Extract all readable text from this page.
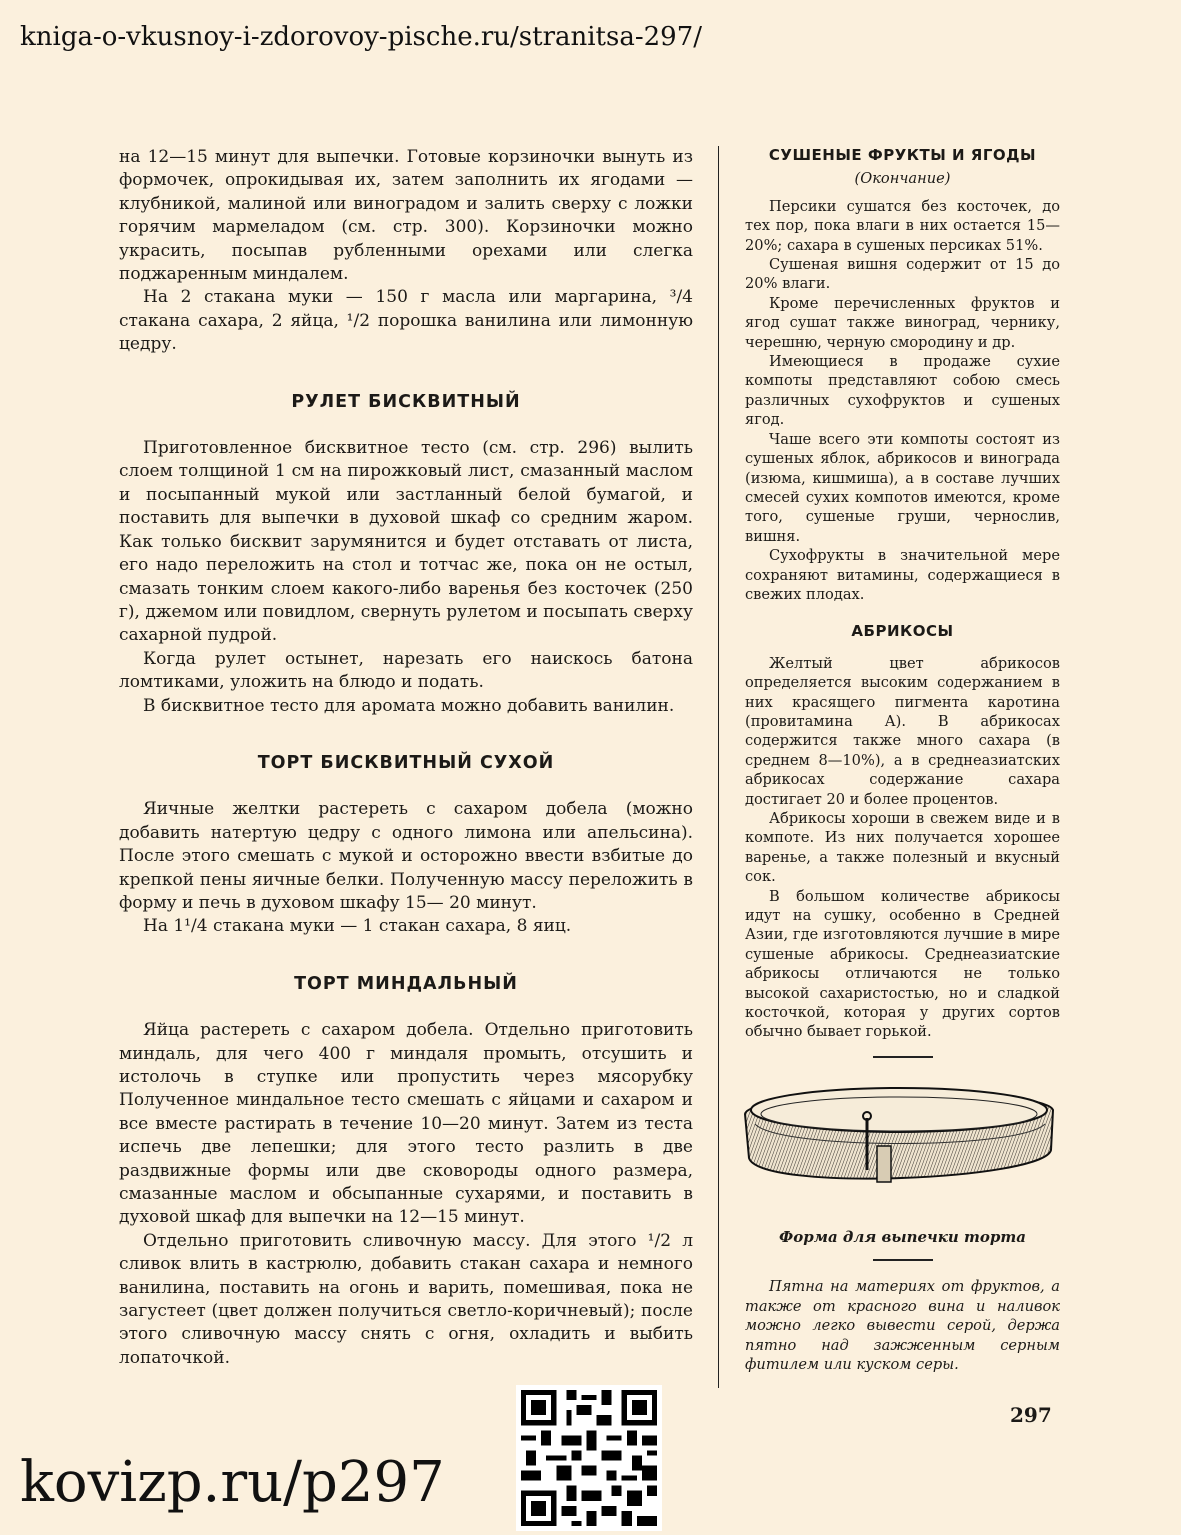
kniga-o-vkusnoy-i-zdorovoy-pische.ru/stranitsa-297/

на 12—15 минут для выпечки. Готовые корзиночки вынуть из формочек, опрокидывая их, затем заполнить их ягодами — клубникой, малиной или виноградом и залить сверху с ложки горячим мармеладом (см. стр. 300). Корзиночки можно украсить, посыпав рубленными орехами или слегка поджаренным миндалем.

На 2 стакана муки — 150 г масла или маргарина, ³/4 стакана сахара, 2 яйца, ¹/2 порошка ванилина или лимонную цедру.

РУЛЕТ БИСКВИТНЫЙ

Приготовленное бисквитное тесто (см. стр. 296) вылить слоем толщиной 1 см на пирожковый лист, смазанный маслом и посыпанный мукой или застланный белой бумагой, и поставить для выпечки в духовой шкаф со средним жаром. Как только бисквит зарумянится и будет отставать от листа, его надо переложить на стол и тотчас же, пока он не остыл, смазать тонким слоем какого-либо варенья без косточек (250 г), джемом или повидлом, свернуть рулетом и посыпать сверху сахарной пудрой.

Когда рулет остынет, нарезать его наискось батона ломтиками, уложить на блюдо и подать.

В бисквитное тесто для аромата можно добавить ванилин.

ТОРТ БИСКВИТНЫЙ СУХОЙ

Яичные желтки растереть с сахаром добела (можно добавить натертую цедру с одного лимона или апельсина). После этого смешать с мукой и осторожно ввести взбитые до крепкой пены яичные белки. Полученную массу переложить в форму и печь в духовом шкафу 15— 20 минут.

На 1¹/4 стакана муки — 1 стакан сахара, 8 яиц.

ТОРТ МИНДАЛЬНЫЙ

Яйца растереть с сахаром добела. Отдельно приготовить миндаль, для чего 400 г миндаля промыть, отсушить и истолочь в ступке или пропустить через мясорубку Полученное миндальное тесто смешать с яйцами и сахаром и все вместе растирать в течение 10—20 минут. Затем из теста испечь две лепешки; для этого тесто разлить в две раздвижные формы или две сковороды одного размера, смазанные маслом и обсыпанные сухарями, и поставить в духовой шкаф для выпечки на 12—15 минут.

Отдельно приготовить сливочную массу. Для этого ¹/2 л сливок влить в кастрюлю, добавить стакан сахара и немного ванилина, поставить на огонь и варить, помешивая, пока не загустеет (цвет должен получиться светло-коричневый); после этого сливочную массу снять с огня, охладить и выбить лопаточкой.

СУШЕНЫЕ ФРУКТЫ И ЯГОДЫ
(Окончание)

Персики сушатся без косточек, до тех пор, пока влаги в них остается 15—20%; сахара в сушеных персиках 51%.

Сушеная вишня содержит от 15 до 20% влаги.

Кроме перечисленных фруктов и ягод сушат также виноград, чернику, черешню, черную смородину и др.

Имеющиеся в продаже сухие компоты представляют собою смесь различных сухофруктов и сушеных ягод.

Чаше всего эти компоты состоят из сушеных яблок, абрикосов и винограда (изюма, кишмиша), а в составе лучших смесей сухих компотов имеются, кроме того, сушеные груши, чернослив, вишня.

Сухофрукты в значительной мере сохраняют витамины, содержащиеся в свежих плодах.

АБРИКОСЫ

Желтый цвет абрикосов определяется высоким содержанием в них красящего пигмента каротина (провитамина А). В абрикосах содержится также много сахара (в среднем 8—10%), а в среднеазиатских абрикосах содержание сахара достигает 20 и более процентов.

Абрикосы хороши в свежем виде и в компоте. Из них получается хорошее варенье, а также полезный и вкусный сок.

В большом количестве абрикосы идут на сушку, особенно в Средней Азии, где изготовляются лучшие в мире сушеные абрикосы. Среднеазиатские абрикосы отличаются не только высокой сахаристостью, но и сладкой косточкой, которая у других сортов обычно бывает горькой.

Форма для выпечки торта

Пятна на материях от фруктов, а также от красного вина и наливок можно легко вывести серой, держа пятно над зажженным серным фитилем или куском серы.

297
kovizp.ru/p297
